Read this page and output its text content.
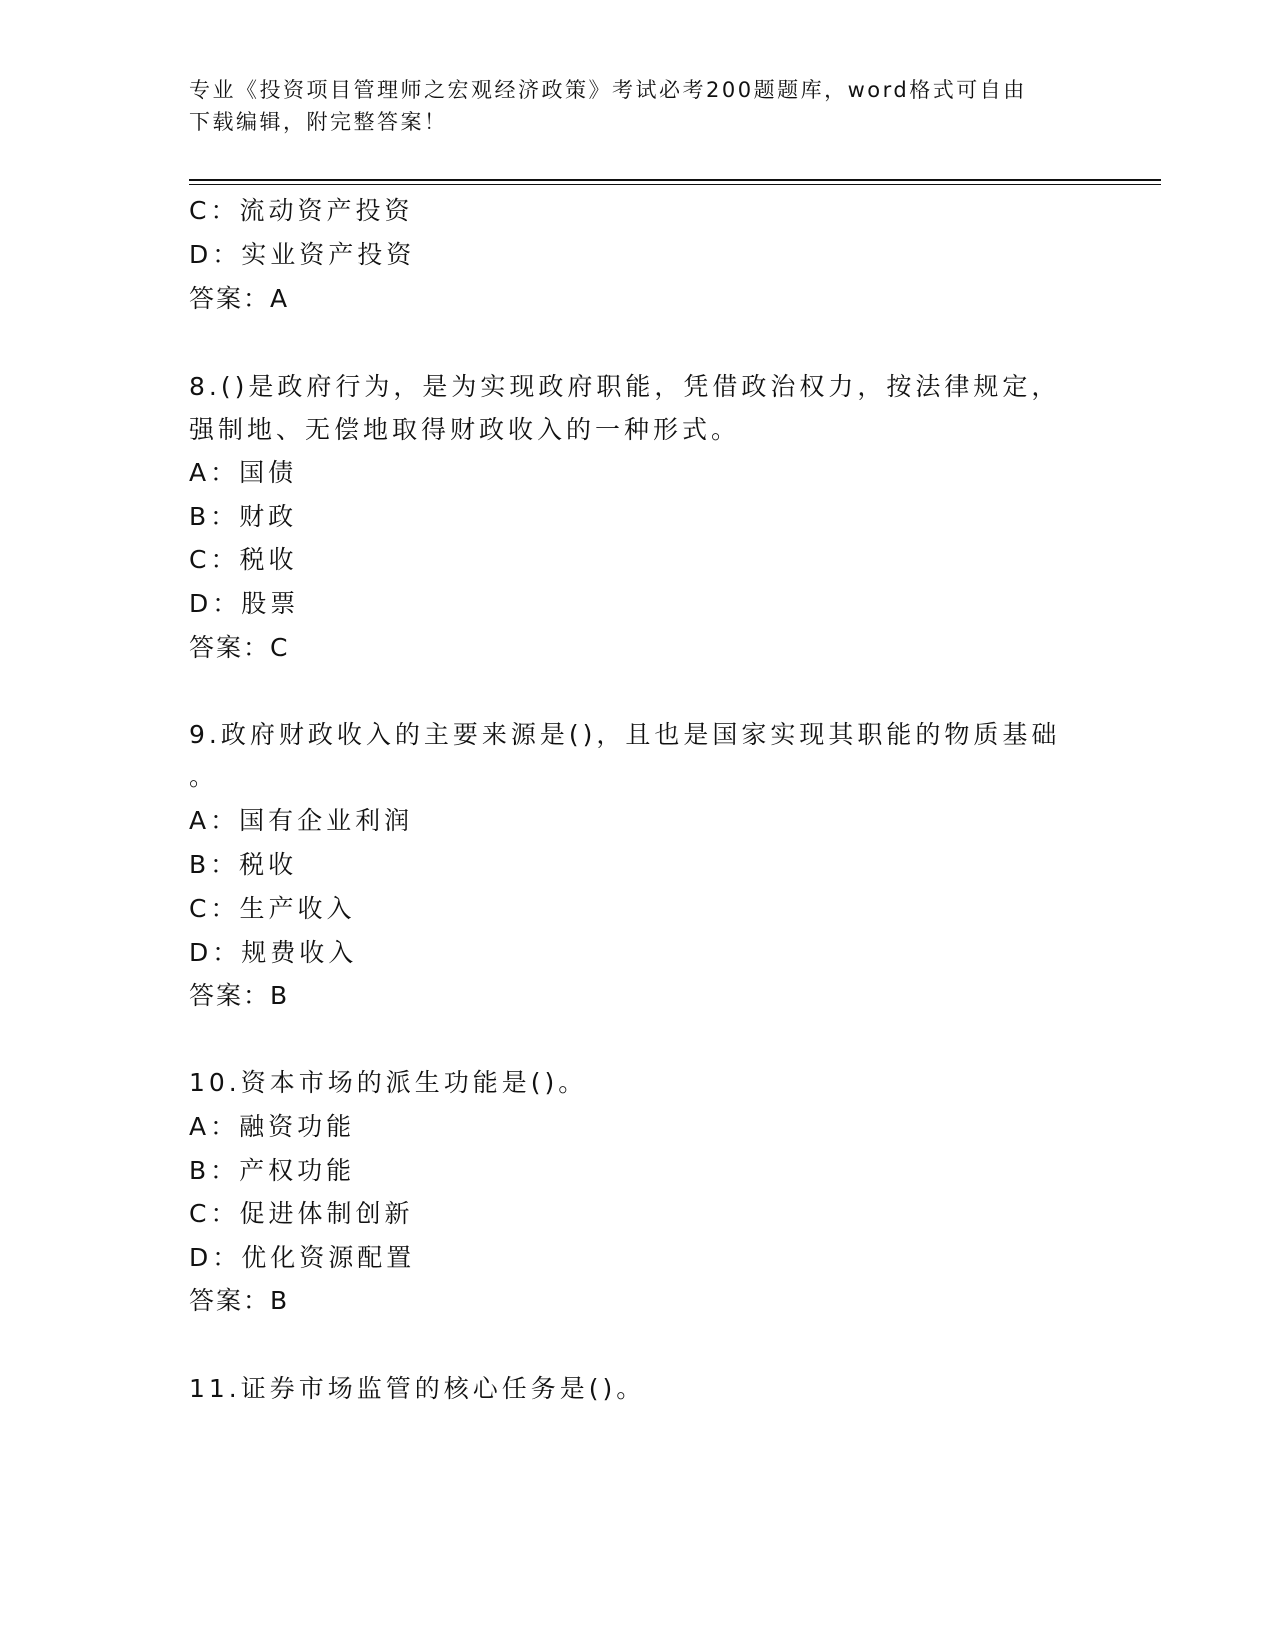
专业《投资项目管理师之宏观经济政策》考试必考200题题库，word格式可自由
下载编辑，附完整答案！
C：流动资产投资
D：实业资产投资
答案：A
8.()是政府行为，是为实现政府职能，凭借政治权力，按法律规定，
强制地、无偿地取得财政收入的一种形式。
A：国债
B：财政
C：税收
D：股票
答案：C
9.政府财政收入的主要来源是()，且也是国家实现其职能的物质基础
。
A：国有企业利润
B：税收
C：生产收入
D：规费收入
答案：B
10.资本市场的派生功能是()。
A：融资功能
B：产权功能
C：促进体制创新
D：优化资源配置
答案：B
11.证券市场监管的核心任务是()。
